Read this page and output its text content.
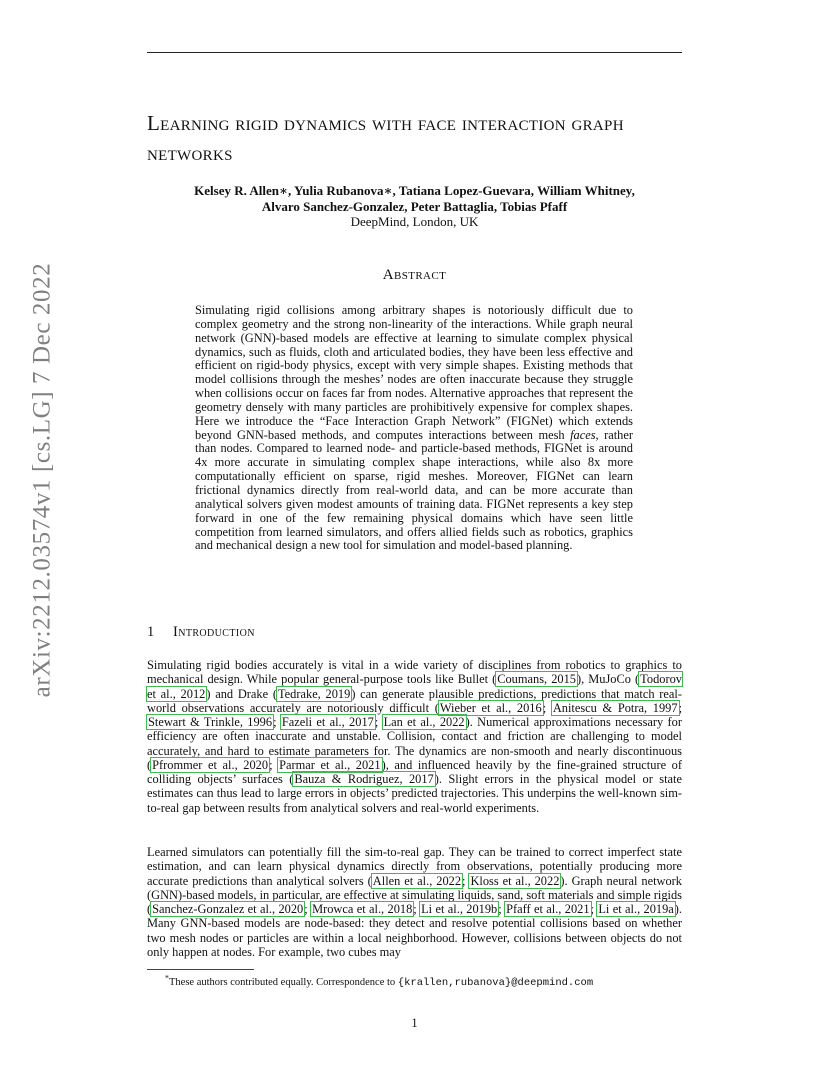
Learning rigid dynamics with face interaction graph networks
Kelsey R. Allen∗, Yulia Rubanova∗, Tatiana Lopez-Guevara, William Whitney,
Alvaro Sanchez-Gonzalez, Peter Battaglia, Tobias Pfaff
DeepMind, London, UK
arXiv:2212.03574v1 [cs.LG] 7 Dec 2022	Abstract
Simulating rigid collisions among arbitrary shapes is notoriously difficult due to complex geometry and the strong non-linearity of the interactions. While graph neural network (GNN)-based models are effective at learning to simulate complex physical dynamics, such as fluids, cloth and articulated bodies, they have been less effective and efficient on rigid-body physics, except with very simple shapes. Existing methods that model collisions through the meshes’ nodes are often inaccurate because they struggle when collisions occur on faces far from nodes. Alternative approaches that represent the geometry densely with many particles are prohibitively expensive for complex shapes. Here we introduce the “Face Interaction Graph Network” (FIGNet) which extends beyond GNN-based methods, and computes interactions between mesh faces, rather than nodes. Compared to learned node- and particle-based methods, FIGNet is around 4x more accurate in simulating complex shape interactions, while also 8x more computationally efficient on sparse, rigid meshes. Moreover, FIGNet can learn frictional dynamics directly from real-world data, and can be more accurate than analytical solvers given modest amounts of training data. FIGNet represents a key step forward in one of the few remaining physical domains which have seen little competition from learned simulators, and offers allied fields such as robotics, graphics and mechanical design a new tool for simulation and model-based planning.
1 Introduction
Simulating rigid bodies accurately is vital in a wide variety of disciplines from robotics to graphics to mechanical design. While popular general-purpose tools like Bullet (Coumans, 2015), MuJoCo (Todorov et al., 2012) and Drake (Tedrake, 2019) can generate plausible predictions, predictions that match real-world observations accurately are notoriously difficult (Wieber et al., 2016; Anitescu & Potra, 1997; Stewart & Trinkle, 1996; Fazeli et al., 2017; Lan et al., 2022). Numerical approximations necessary for efficiency are often inaccurate and unstable. Collision, contact and friction are challenging to model accurately, and hard to estimate parameters for. The dynamics are non-smooth and nearly discontinuous (Pfrommer et al., 2020; Parmar et al., 2021), and influenced heavily by the fine-grained structure of colliding objects’ surfaces (Bauza & Rodriguez, 2017). Slight errors in the physical model or state estimates can thus lead to large errors in objects’ predicted trajectories. This underpins the well-known sim-to-real gap between results from analytical solvers and real-world experiments.
Learned simulators can potentially fill the sim-to-real gap. They can be trained to correct imperfect state estimation, and can learn physical dynamics directly from observations, potentially producing more accurate predictions than analytical solvers (Allen et al., 2022; Kloss et al., 2022). Graph neural network (GNN)-based models, in particular, are effective at simulating liquids, sand, soft materials and simple rigids (Sanchez-Gonzalez et al., 2020; Mrowca et al., 2018; Li et al., 2019b; Pfaff et al., 2021; Li et al., 2019a). Many GNN-based models are node-based: they detect and resolve potential collisions based on whether two mesh nodes or particles are within a local neighborhood. However, collisions between objects do not only happen at nodes. For example, two cubes may
*These authors contributed equally. Correspondence to {krallen,rubanova}@deepmind.com
1
